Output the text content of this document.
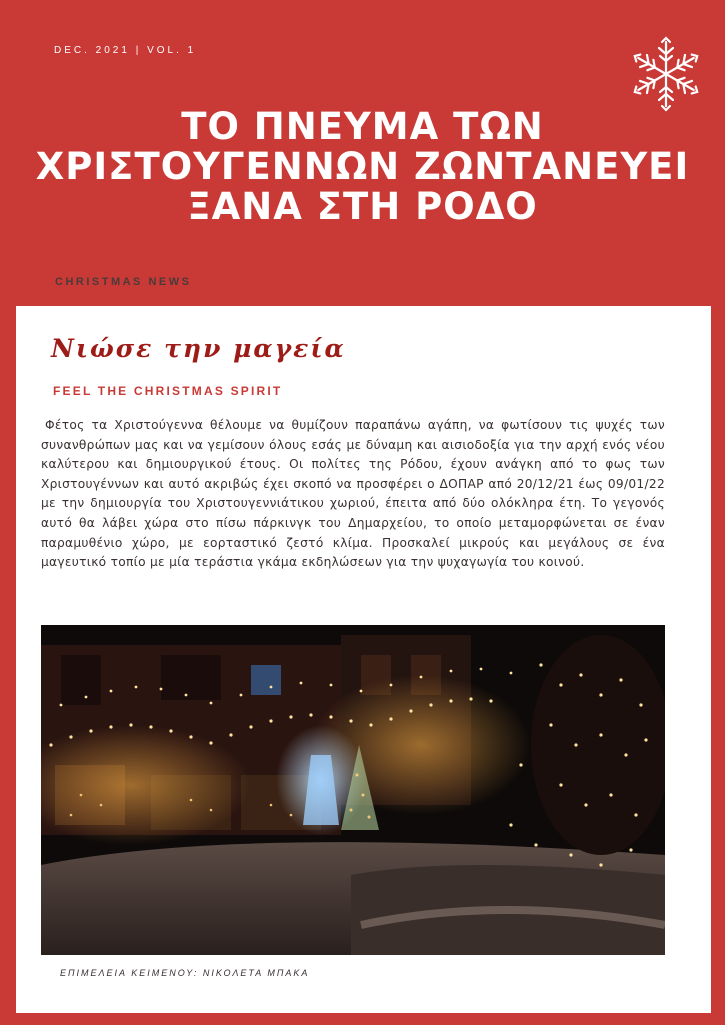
DEC. 2021 | VOL. 1
ΤΟ ΠΝΕΥΜΑ ΤΩΝ
ΧΡΙΣΤΟΥΓΕΝΝΩΝ ΖΩΝΤΑΝΕΥΕΙ
ΞΑΝΑ ΣΤΗ ΡΟΔΟ
CHRISTMAS NEWS
Νιώσε την μαγεία
FEEL THE CHRISTMAS SPIRIT

Φέτος τα Χριστούγεννα θέλουμε να θυμίζουν παραπάνω αγάπη, να φωτίσουν τις ψυχές των συνανθρώπων μας και να γεμίσουν όλους εσάς με δύναμη και αισιοδοξία για την αρχή ενός νέου καλύτερου και δημιουργικού έτους. Οι πολίτες της Ρόδου, έχουν ανάγκη από το φως των Χριστουγέννων και αυτό ακριβώς έχει σκοπό να προσφέρει ο ΔΟΠΑΡ από 20/12/21 έως 09/01/22 με την δημιουργία του Χριστουγεννιάτικου χωριού, έπειτα από δύο ολόκληρα έτη. Το γεγονός αυτό θα λάβει χώρα στο πίσω πάρκινγκ του Δημαρχείου, το οποίο μεταμορφώνεται σε έναν παραμυθένιο χώρο, με εορταστικό ζεστό κλίμα. Προσκαλεί μικρούς και μεγάλους σε ένα μαγευτικό τοπίο με μία τεράστια γκάμα εκδηλώσεων για την ψυχαγωγία του κοινού.

ΕΠΙΜΕΛΕΙΑ ΚΕΙΜΕΝΟΥ: ΝΙΚΟΛΕΤΑ ΜΠΑΚΑ
